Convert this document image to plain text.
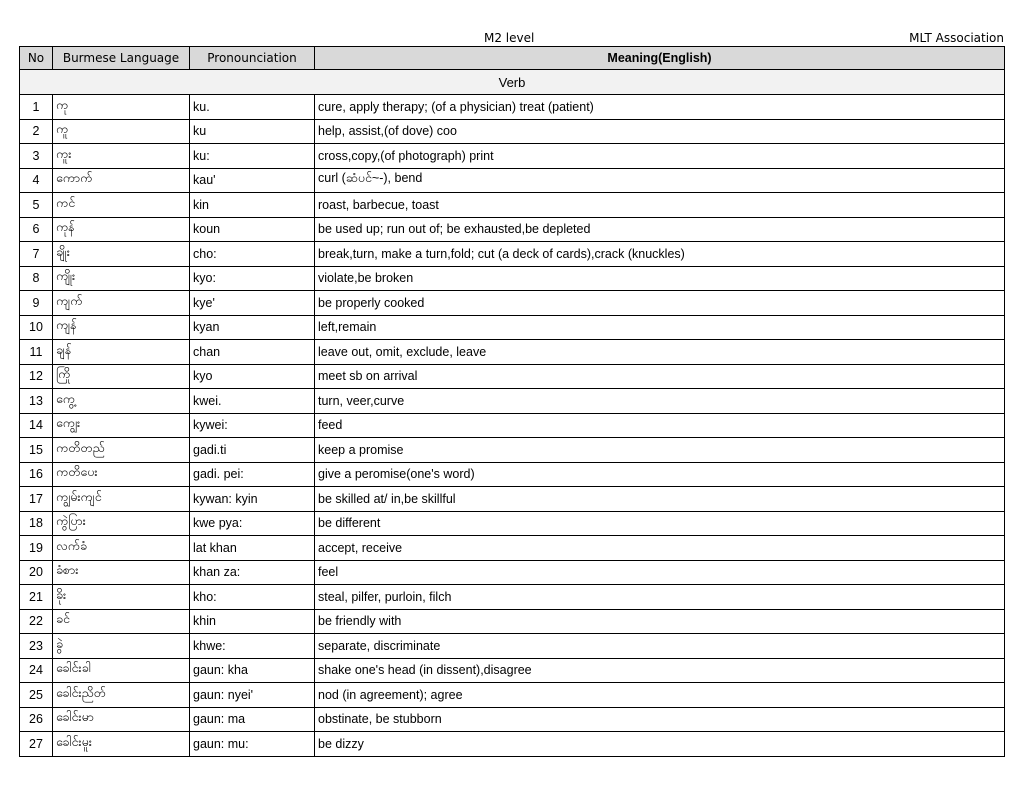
M2 level	MLT Association
No	Burmese Language	Pronounciation	Meaning(English)
Verb			
1	ကု	ku.	cure, apply therapy; (of a physician) treat (patient)
2	ကူ	ku	help, assist,(of dove) coo
3	ကူး	ku:	cross,copy,(of photograph) print
4	ကောက်	kau'	curl (ဆံပင်~-), bend
5	ကင်	kin	roast, barbecue, toast
6	ကုန်	koun	be used up; run out of; be exhausted,be depleted
7	ချိုး	cho:	break,turn, make a turn,fold; cut (a deck of cards),crack (knuckles)
8	ကျိုး	kyo:	violate,be broken
9	ကျက်	kye'	be properly cooked
10	ကျန်	kyan	left,remain
11	ချန်	chan	leave out, omit, exclude, leave
12	ကြို	kyo	meet sb on arrival
13	ကွေ့	kwei.	turn, veer,curve
14	ကျွေး	kywei:	feed
15	ကတိတည်	gadi.ti	keep a promise
16	ကတိပေး	gadi. pei:	give a peromise(one's word)
17	ကျွမ်းကျင်	kywan: kyin	be skilled at/ in,be skillful
18	ကွဲပြား	kwe pya:	be different
19	လက်ခံ	lat khan	accept, receive
20	ခံစား	khan za:	feel
21	ခိုး	kho:	steal, pilfer, purloin, filch
22	ခင်	khin	be friendly with
23	ခွဲ	khwe:	separate, discriminate
24	ခေါင်းခါ	gaun: kha	shake one's head (in dissent),disagree
25	ခေါင်းညိတ်	gaun: nyei'	nod (in agreement); agree
26	ခေါင်းမာ	gaun: ma	obstinate, be stubborn
27	ခေါင်းမူး	gaun: mu:	be dizzy
